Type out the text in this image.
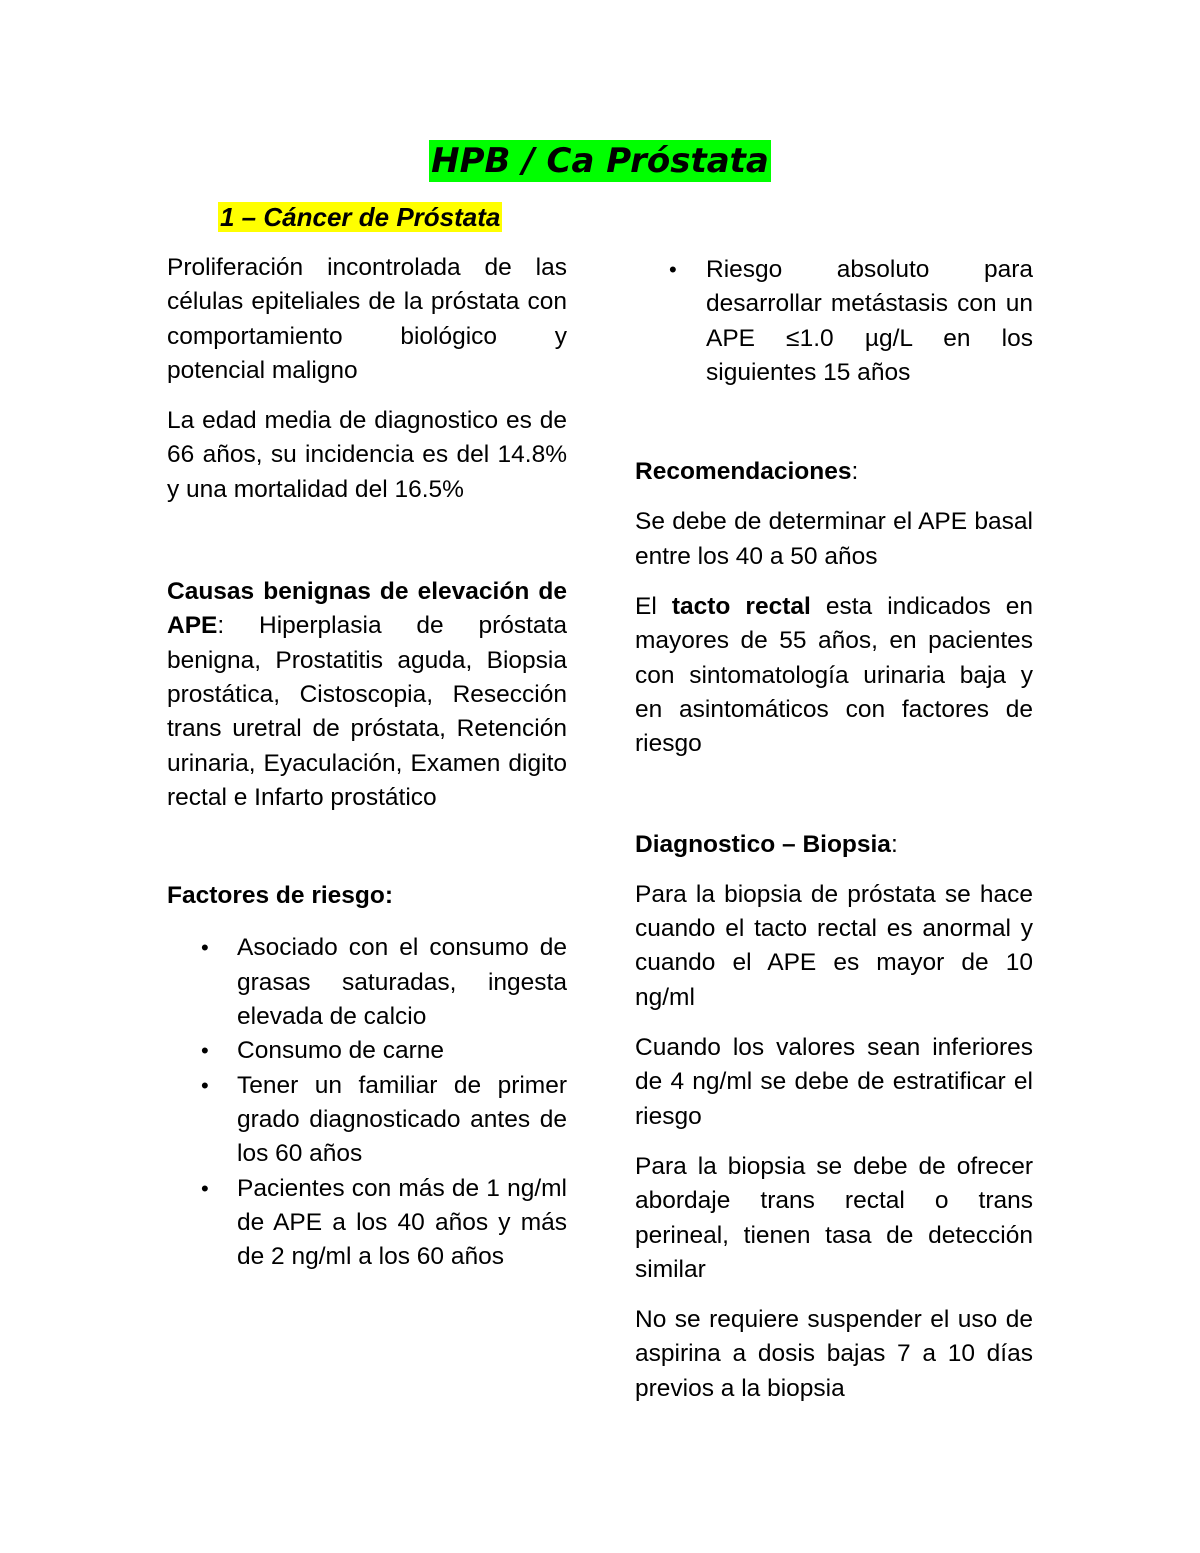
HPB / Ca Próstata
1 – Cáncer de Próstata

Proliferación incontrolada de las células epiteliales de la próstata con comportamiento biológico y potencial maligno

La edad media de diagnostico es de 66 años, su incidencia es del 14.8% y una mortalidad del 16.5%

Causas benignas de elevación de APE: Hiperplasia de próstata benigna, Prostatitis aguda, Biopsia prostática, Cistoscopia, Resección trans uretral de próstata, Retención urinaria, Eyaculación, Examen digito rectal e Infarto prostático

Factores de riesgo:

• Asociado con el consumo de grasas saturadas, ingesta elevada de calcio
• Consumo de carne
• Tener un familiar de primer grado diagnosticado antes de los 60 años
• Pacientes con más de 1 ng/ml de APE a los 40 años y más de 2 ng/ml a los 60 años
• Riesgo absoluto para desarrollar metástasis con un APE ≤1.0 µg/L en los siguientes 15 años

Recomendaciones:

Se debe de determinar el APE basal entre los 40 a 50 años

El tacto rectal esta indicados en mayores de 55 años, en pacientes con sintomatología urinaria baja y en asintomáticos con factores de riesgo

Diagnostico – Biopsia:

Para la biopsia de próstata se hace cuando el tacto rectal es anormal y cuando el APE es mayor de 10 ng/ml

Cuando los valores sean inferiores de 4 ng/ml se debe de estratificar el riesgo

Para la biopsia se debe de ofrecer abordaje trans rectal o trans perineal, tienen tasa de detección similar

No se requiere suspender el uso de aspirina a dosis bajas 7 a 10 días previos a la biopsia
